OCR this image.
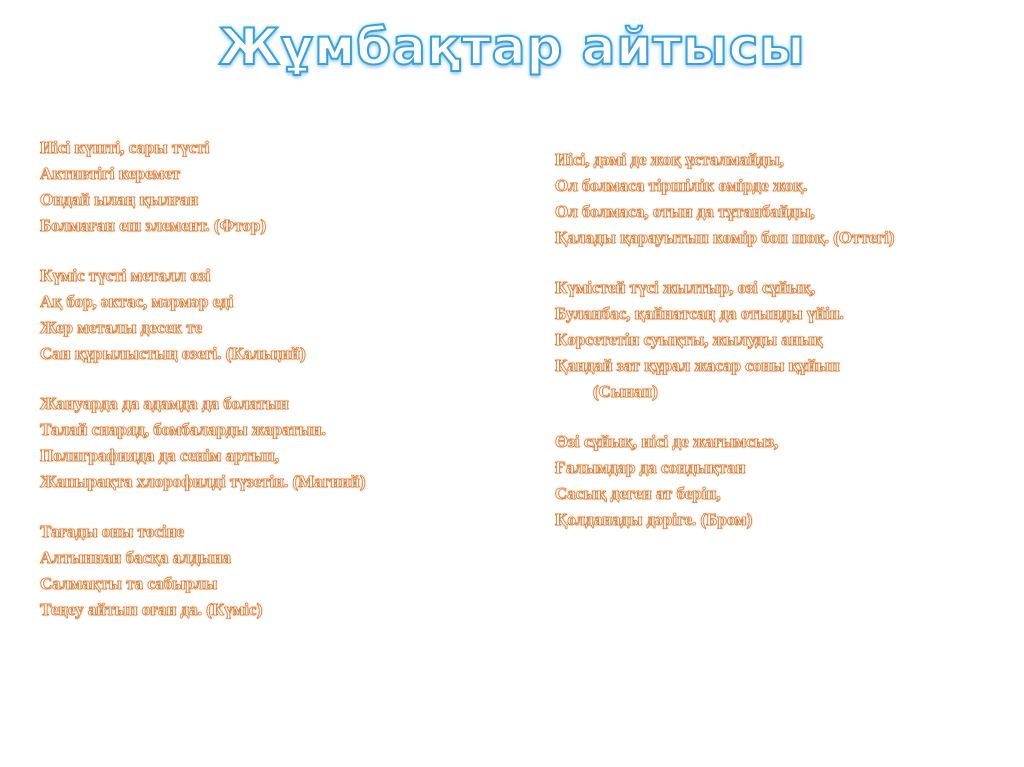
Жұмбақтар айтысы
Иісі күшті, сары түсті
Активтігі керемет
Ондай ылаң қылған
Болмаған еш элемент. (Фтор)
Күміс түсті металл өзі
Ақ бор, әктас, мәрмәр еді
Жер металы десек те
Сан құрылыстың өзегі. (Кальций)
Жануарда да адамда да болатын
Талай снаряд, бомбаларды жаратын.
Полиграфияда да сенім артып,
Жапырақта хлорофилді түзетін. (Магний)
Тағады оны төсіне
Алтыннан басқа алдына
Салмақты та сабырлы
Теңеу айтып оған да. (Күміс)
Иісі, дәмі де жоқ ұсталмайды,
Ол болмаса тіршілік өмірде жоқ.
Ол болмаса, отын да тұтанбайды,
Қалады қарауытып көмір боп шоқ. (Оттегі)
Күмістей түсі жылтыр, өзі сұйық,
Буланбас, қайнатсаң да отынды үйіп.
Көрсететін суықты, жылуды анық
Қандай зат құрал жасар соны құйып
(Сынап)
Өзі сұйық, иісі де жағымсыз,
Ғалымдар да сондықтан
Сасық деген ат беріп,
Қолданады дәріге. (Бром)
